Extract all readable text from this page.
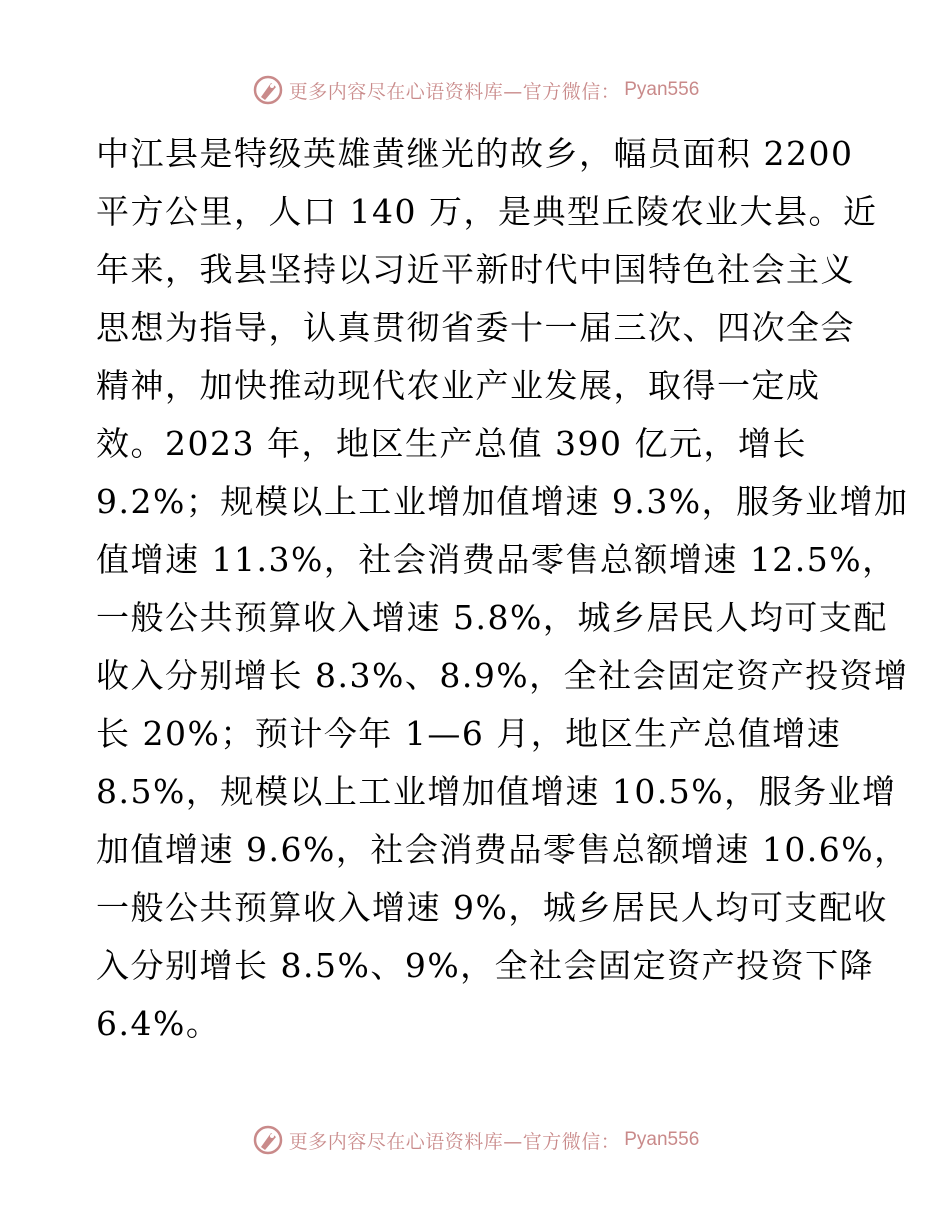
更多内容尽在心语资料库—官方微信： Pyan556
中江县是特级英雄黄继光的故乡，幅员面积 2200
平方公里，人口 140 万，是典型丘陵农业大县。近
年来，我县坚持以习近平新时代中国特色社会主义
思想为指导，认真贯彻省委十一届三次、四次全会
精神，加快推动现代农业产业发展，取得一定成
效。2023 年，地区生产总值 390 亿元，增长
9.2%；规模以上工业增加值增速 9.3%，服务业增加
值增速 11.3%，社会消费品零售总额增速 12.5%，
一般公共预算收入增速 5.8%，城乡居民人均可支配
收入分别增长 8.3%、8.9%，全社会固定资产投资增
长 20%；预计今年 1—6 月，地区生产总值增速
8.5%，规模以上工业增加值增速 10.5%，服务业增
加值增速 9.6%，社会消费品零售总额增速 10.6%，
一般公共预算收入增速 9%，城乡居民人均可支配收
入分别增长 8.5%、9%，全社会固定资产投资下降
6.4%。
更多内容尽在心语资料库—官方微信： Pyan556
